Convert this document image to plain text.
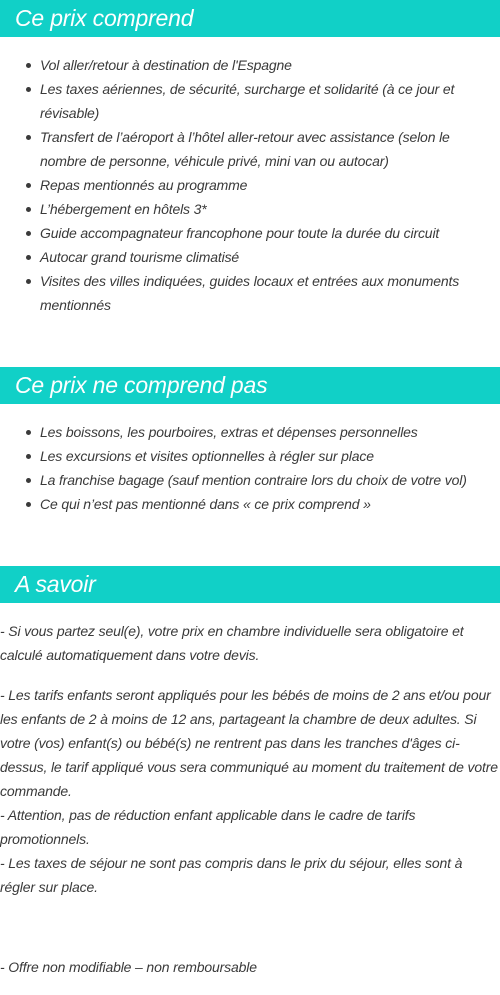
Ce prix comprend
Vol aller/retour à destination de l'Espagne
Les taxes aériennes, de sécurité, surcharge et solidarité (à ce jour et révisable)
Transfert de l’aéroport à l’hôtel aller-retour avec assistance (selon le nombre de personne, véhicule privé, mini van ou autocar)
Repas mentionnés au programme
L’hébergement en hôtels 3*
Guide accompagnateur francophone pour toute la durée du circuit
Autocar grand tourisme climatisé
Visites des villes indiquées, guides locaux et entrées aux monuments mentionnés
Ce prix ne comprend pas
Les boissons, les pourboires, extras et dépenses personnelles
Les excursions et visites optionnelles à régler sur place
La franchise bagage (sauf mention contraire lors du choix de votre vol)
Ce qui n’est pas mentionné dans « ce prix comprend »
A savoir

- Si vous partez seul(e), votre prix en chambre individuelle sera obligatoire et calculé automatiquement dans votre devis.

- Les tarifs enfants seront appliqués pour les bébés de moins de 2 ans et/ou pour les enfants de 2 à moins de 12 ans, partageant la chambre de deux adultes. Si votre (vos) enfant(s) ou bébé(s) ne rentrent pas dans les tranches d'âges ci-dessus, le tarif appliqué vous sera communiqué au moment du traitement de votre commande.
- Attention, pas de réduction enfant applicable dans le cadre de tarifs promotionnels.
- Les taxes de séjour ne sont pas compris dans le prix du séjour, elles sont à régler sur place.

- Offre non modifiable – non remboursable
